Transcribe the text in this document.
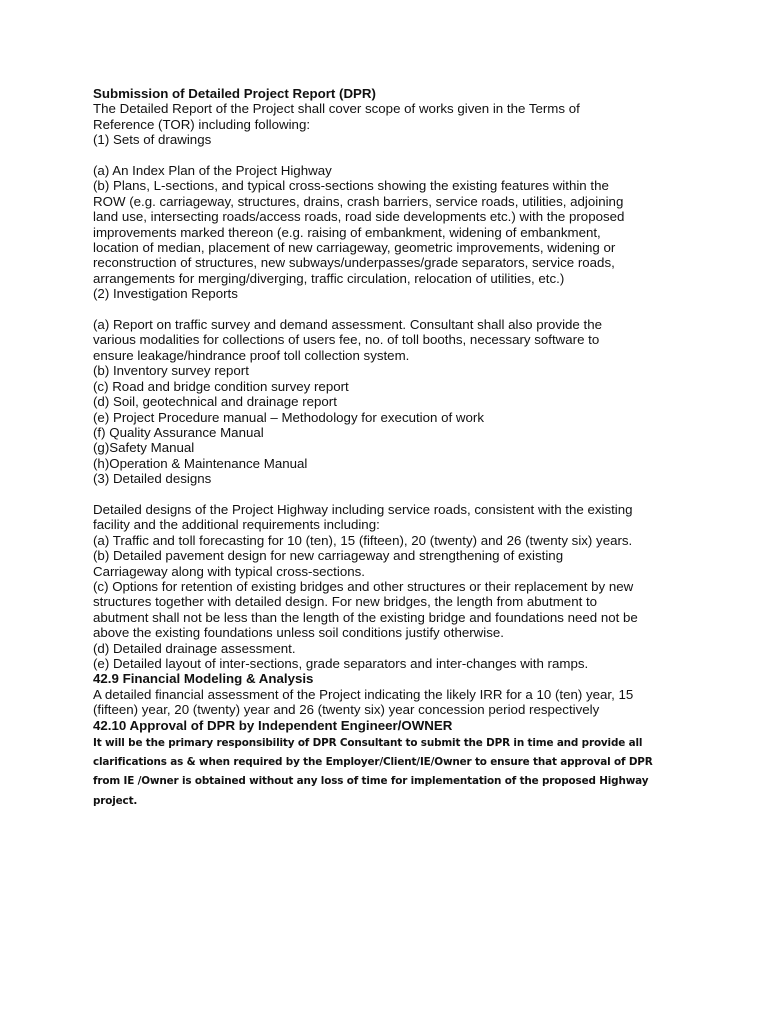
Submission of Detailed Project Report (DPR)
The Detailed Report of the Project shall cover scope of works given in the Terms of
Reference (TOR) including following:
(1) Sets of drawings
(a) An Index Plan of the Project Highway
(b) Plans, L-sections, and typical cross-sections showing the existing features within the
ROW (e.g. carriageway, structures, drains, crash barriers, service roads, utilities, adjoining
land use, intersecting roads/access roads, road side developments etc.) with the proposed
improvements marked thereon (e.g. raising of embankment, widening of embankment,
location of median, placement of new carriageway, geometric improvements, widening or
reconstruction of structures, new subways/underpasses/grade separators, service roads,
arrangements for merging/diverging, traffic circulation, relocation of utilities, etc.)
(2) Investigation Reports
(a) Report on traffic survey and demand assessment. Consultant shall also provide the
various modalities for collections of users fee, no. of toll booths, necessary software to
ensure leakage/hindrance proof toll collection system.
(b) Inventory survey report
(c) Road and bridge condition survey report
(d) Soil, geotechnical and drainage report
(e) Project Procedure manual – Methodology for execution of work
(f) Quality Assurance Manual
(g)Safety Manual
(h)Operation & Maintenance Manual
(3) Detailed designs
Detailed designs of the Project Highway including service roads, consistent with the existing
facility and the additional requirements including:
(a) Traffic and toll forecasting for 10 (ten), 15 (fifteen), 20 (twenty) and 26 (twenty six) years.
(b) Detailed pavement design for new carriageway and strengthening of existing
Carriageway along with typical cross-sections.
(c) Options for retention of existing bridges and other structures or their replacement by new
structures together with detailed design. For new bridges, the length from abutment to
abutment shall not be less than the length of the existing bridge and foundations need not be
above the existing foundations unless soil conditions justify otherwise.
(d) Detailed drainage assessment.
(e) Detailed layout of inter-sections, grade separators and inter-changes with ramps.
42.9 Financial Modeling & Analysis
A detailed financial assessment of the Project indicating the likely IRR for a 10 (ten) year, 15
(fifteen) year, 20 (twenty) year and 26 (twenty six) year concession period respectively
42.10 Approval of DPR by Independent Engineer/OWNER
It will be the primary responsibility of DPR Consultant to submit the DPR in time and provide all
clarifications as & when required by the Employer/Client/IE/Owner to ensure that approval of DPR
from IE /Owner is obtained without any loss of time for implementation of the proposed Highway
project.
